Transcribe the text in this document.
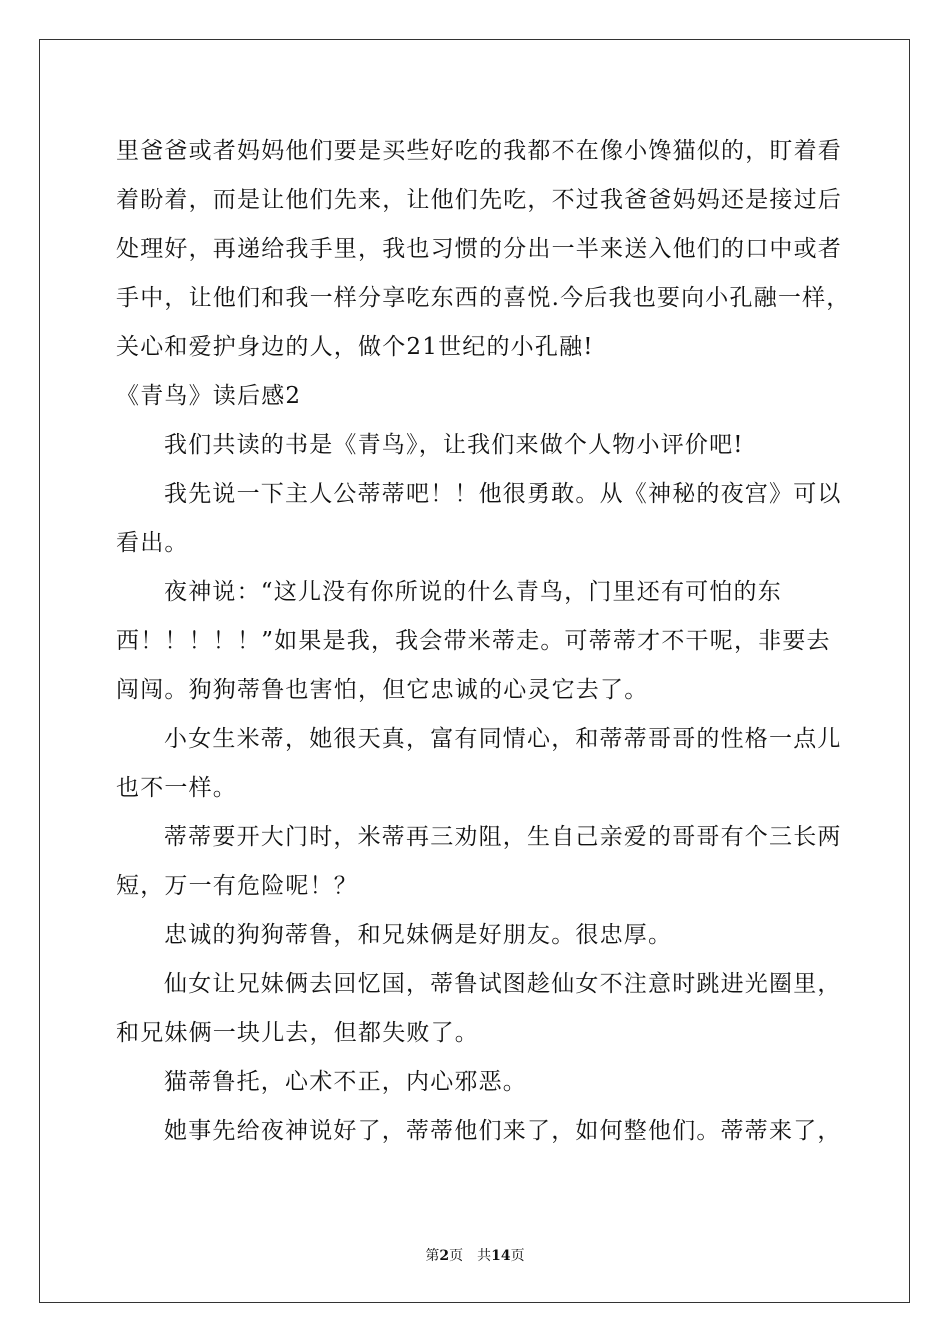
里爸爸或者妈妈他们要是买些好吃的我都不在像小馋猫似的，盯着看
着盼着，而是让他们先来，让他们先吃，不过我爸爸妈妈还是接过后
处理好，再递给我手里，我也习惯的分出一半来送入他们的口中或者
手中，让他们和我一样分享吃东西的喜悦.今后我也要向小孔融一样，
关心和爱护身边的人，做个21世纪的小孔融!
《青鸟》读后感2
我们共读的书是《青鸟》，让我们来做个人物小评价吧!
我先说一下主人公蒂蒂吧！！他很勇敢。从《神秘的夜宫》可以
看出。
夜神说：“这儿没有你所说的什么青鸟，门里还有可怕的东
西！！！！！”如果是我，我会带米蒂走。可蒂蒂才不干呢，非要去
闯闯。狗狗蒂鲁也害怕，但它忠诚的心灵它去了。
小女生米蒂，她很天真，富有同情心，和蒂蒂哥哥的性格一点儿
也不一样。
蒂蒂要开大门时，米蒂再三劝阻，生自己亲爱的哥哥有个三长两
短，万一有危险呢！？
忠诚的狗狗蒂鲁，和兄妹俩是好朋友。很忠厚。
仙女让兄妹俩去回忆国，蒂鲁试图趁仙女不注意时跳进光圈里，
和兄妹俩一块儿去，但都失败了。
猫蒂鲁托，心术不正，内心邪恶。
她事先给夜神说好了，蒂蒂他们来了，如何整他们。蒂蒂来了，
第2页 共14页
